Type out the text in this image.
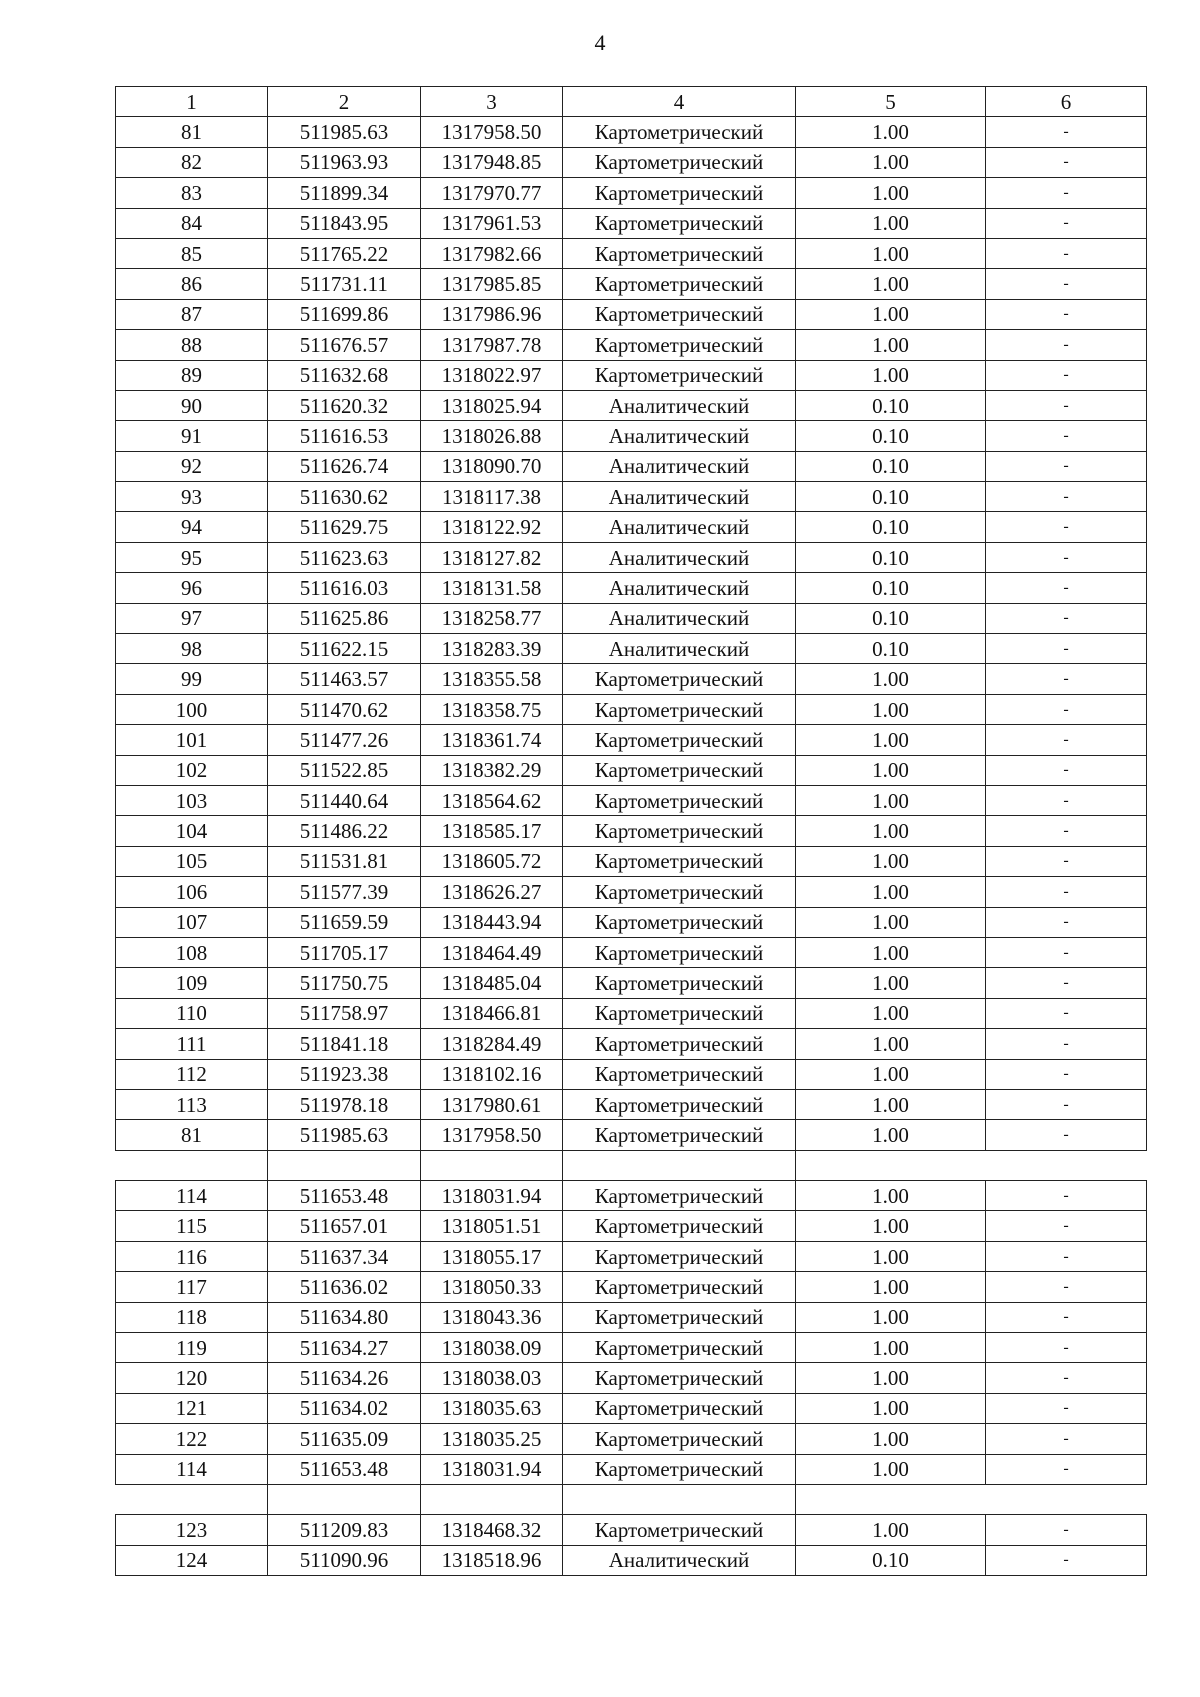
4
1	2	3	4	5	6
81	511985.63	1317958.50	Картометрический	1.00	-
82	511963.93	1317948.85	Картометрический	1.00	-
83	511899.34	1317970.77	Картометрический	1.00	-
84	511843.95	1317961.53	Картометрический	1.00	-
85	511765.22	1317982.66	Картометрический	1.00	-
86	511731.11	1317985.85	Картометрический	1.00	-
87	511699.86	1317986.96	Картометрический	1.00	-
88	511676.57	1317987.78	Картометрический	1.00	-
89	511632.68	1318022.97	Картометрический	1.00	-
90	511620.32	1318025.94	Аналитический	0.10	-
91	511616.53	1318026.88	Аналитический	0.10	-
92	511626.74	1318090.70	Аналитический	0.10	-
93	511630.62	1318117.38	Аналитический	0.10	-
94	511629.75	1318122.92	Аналитический	0.10	-
95	511623.63	1318127.82	Аналитический	0.10	-
96	511616.03	1318131.58	Аналитический	0.10	-
97	511625.86	1318258.77	Аналитический	0.10	-
98	511622.15	1318283.39	Аналитический	0.10	-
99	511463.57	1318355.58	Картометрический	1.00	-
100	511470.62	1318358.75	Картометрический	1.00	-
101	511477.26	1318361.74	Картометрический	1.00	-
102	511522.85	1318382.29	Картометрический	1.00	-
103	511440.64	1318564.62	Картометрический	1.00	-
104	511486.22	1318585.17	Картометрический	1.00	-
105	511531.81	1318605.72	Картометрический	1.00	-
106	511577.39	1318626.27	Картометрический	1.00	-
107	511659.59	1318443.94	Картометрический	1.00	-
108	511705.17	1318464.49	Картометрический	1.00	-
109	511750.75	1318485.04	Картометрический	1.00	-
110	511758.97	1318466.81	Картометрический	1.00	-
111	511841.18	1318284.49	Картометрический	1.00	-
112	511923.38	1318102.16	Картометрический	1.00	-
113	511978.18	1317980.61	Картометрический	1.00	-
81	511985.63	1317958.50	Картометрический	1.00	-

114	511653.48	1318031.94	Картометрический	1.00	-
115	511657.01	1318051.51	Картометрический	1.00	-
116	511637.34	1318055.17	Картометрический	1.00	-
117	511636.02	1318050.33	Картометрический	1.00	-
118	511634.80	1318043.36	Картометрический	1.00	-
119	511634.27	1318038.09	Картометрический	1.00	-
120	511634.26	1318038.03	Картометрический	1.00	-
121	511634.02	1318035.63	Картометрический	1.00	-
122	511635.09	1318035.25	Картометрический	1.00	-
114	511653.48	1318031.94	Картометрический	1.00	-

123	511209.83	1318468.32	Картометрический	1.00	-
124	511090.96	1318518.96	Аналитический	0.10	-
